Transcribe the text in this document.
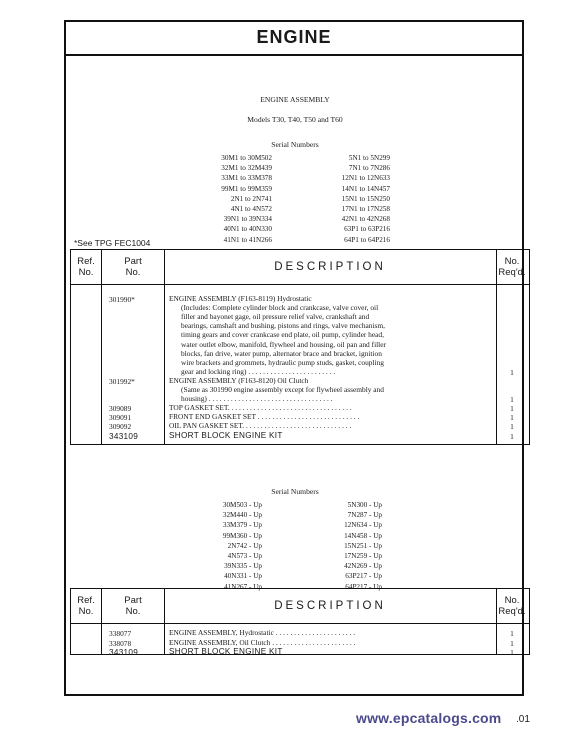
ENGINE
ENGINE ASSEMBLY
Models T30, T40, T50 and T60
Serial Numbers
30M1 to 30M502
32M1 to 32M439
33M1 to 33M378
99M1 to 99M359
2N1 to 2N741
4N1 to 4N572
39N1 to 39N334
40N1 to 40N330
41N1 to 41N266
5N1 to 5N299
7N1 to 7N286
12N1 to 12N633
14N1 to 14N457
15N1 to 15N250
17N1 to 17N258
42N1 to 42N268
63P1 to 63P216
64P1 to 64P216
*See TPG FEC1004
Ref.
No.
Part
No.	DESCRIPTION	No.
Req'd.
301990*	ENGINE ASSEMBLY (F163-8119) Hydrostatic
(Includes: Complete cylinder block and crankcase, valve cover, oil
filler and bayonet gage, oil pressure relief valve, crankshaft and
bearings, camshaft and bushing, pistons and rings, valve mechanism,
timing gears and cover crankcase end plate, oil pump, cylinder head,
water outlet elbow, manifold, flywheel and housing, oil pan and filler
blocks, fan drive, water pump, alternator brace and bracket, ignition
wire brackets and grommets, hydraulic pump studs, gasket, coupling
gear and locking ring) . . . . . . . . . . . . . . . . . . . . . . . .	1
301992*	ENGINE ASSEMBLY (F163-8120) Oil Clutch
(Same as 301990 engine assembly except for flywheel assembly and
housing) . . . . . . . . . . . . . . . . . . . . . . . . . . . . . . . . . .	1
309089	TOP GASKET SET. . . . . . . . . . . . . . . . . . . . . . . . . . . . . . . . . .	1
309091	FRONT END GASKET SET . . . . . . . . . . . . . . . . . . . . . . . . . . . .	1
309092	OIL PAN GASKET SET. . . . . . . . . . . . . . . . . . . . . . . . . . . . . .	1
343109	SHORT BLOCK ENGINE KIT	1
Serial Numbers
30M503 - Up
32M440 - Up
33M379 - Up
99M360 - Up
2N742 - Up
4N573 - Up
39N335 - Up
40N331 - Up
41N267 - Up
5N300 - Up
7N287 - Up
12N634 - Up
14N458 - Up
15N251 - Up
17N259 - Up
42N269 - Up
63P217 - Up
64P217 - Up
Ref.
No.
Part
No.	DESCRIPTION	No.
Req'd.
338077	ENGINE ASSEMBLY, Hydrostatic . . . . . . . . . . . . . . . . . . . . . .	1
338078	ENGINE ASSEMBLY, Oil Clutch . . . . . . . . . . . . . . . . . . . . . . .	1
343109	SHORT BLOCK ENGINE KIT	1
www.epcatalogs.com .01
